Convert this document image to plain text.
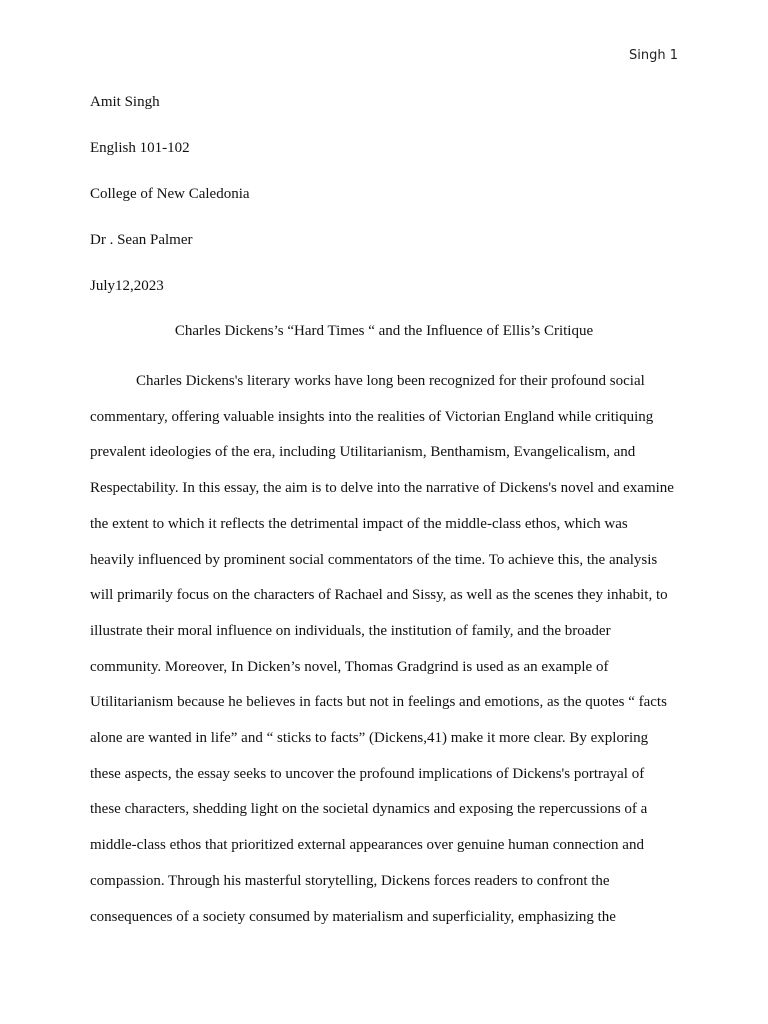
Singh 1
Amit Singh
English 101-102
College of New Caledonia
Dr . Sean Palmer
July12,2023
Charles Dickens’s “Hard Times “ and the Influence of Ellis’s Critique
Charles Dickens's literary works have long been recognized for their profound social
commentary, offering valuable insights into the realities of Victorian England while critiquing
prevalent ideologies of the era, including Utilitarianism, Benthamism, Evangelicalism, and
Respectability. In this essay, the aim is to delve into the narrative of Dickens's novel and examine
the extent to which it reflects the detrimental impact of the middle-class ethos, which was
heavily influenced by prominent social commentators of the time. To achieve this, the analysis
will primarily focus on the characters of Rachael and Sissy, as well as the scenes they inhabit, to
illustrate their moral influence on individuals, the institution of family, and the broader
community. Moreover, In Dicken’s novel, Thomas Gradgrind is used as an example of
Utilitarianism because he believes in facts but not in feelings and emotions, as the quotes “ facts
alone are wanted in life” and “ sticks to facts” (Dickens,41) make it more clear. By exploring
these aspects, the essay seeks to uncover the profound implications of Dickens's portrayal of
these characters, shedding light on the societal dynamics and exposing the repercussions of a
middle-class ethos that prioritized external appearances over genuine human connection and
compassion. Through his masterful storytelling, Dickens forces readers to confront the
consequences of a society consumed by materialism and superficiality, emphasizing the
